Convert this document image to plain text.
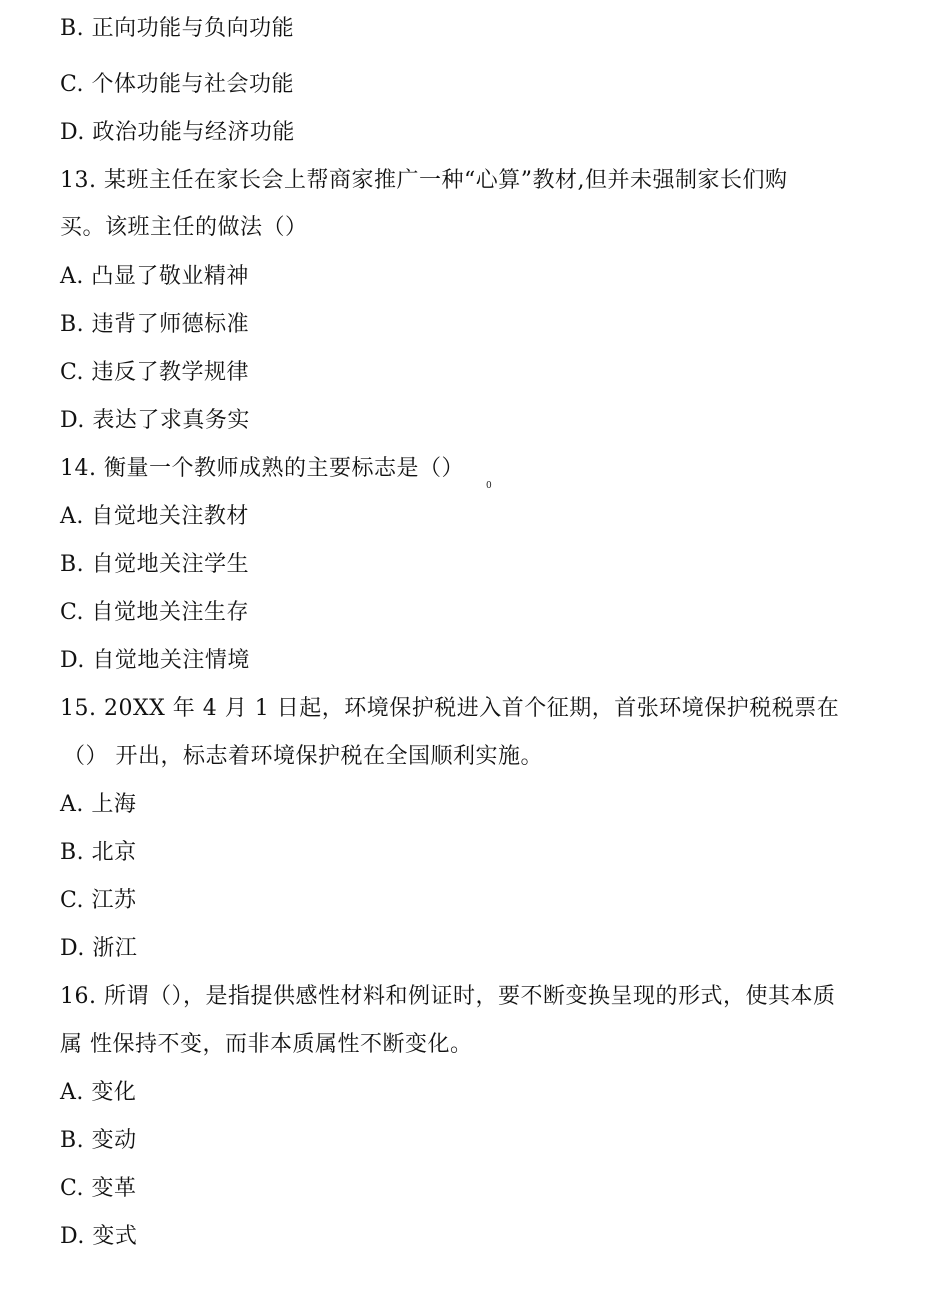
B. 正向功能与负向功能
C. 个体功能与社会功能
D. 政治功能与经济功能
13. 某班主任在家长会上帮商家推广一种“心算”教材,但并未强制家长们购
买。该班主任的做法（）
A. 凸显了敬业精神
B. 违背了师德标准
C. 违反了教学规律
D. 表达了求真务实
14. 衡量一个教师成熟的主要标志是（）
0
A. 自觉地关注教材
B. 自觉地关注学生
C. 自觉地关注生存
D. 自觉地关注情境
15. 20XX 年 4 月 1 日起，环境保护税进入首个征期，首张环境保护税税票在
（） 开出，标志着环境保护税在全国顺利实施。
A. 上海
B. 北京
C. 江苏
D. 浙江
16. 所谓（），是指提供感性材料和例证时，要不断变换呈现的形式，使其本质
属 性保持不变，而非本质属性不断变化。
A. 变化
B. 变动
C. 变革
D. 变式
